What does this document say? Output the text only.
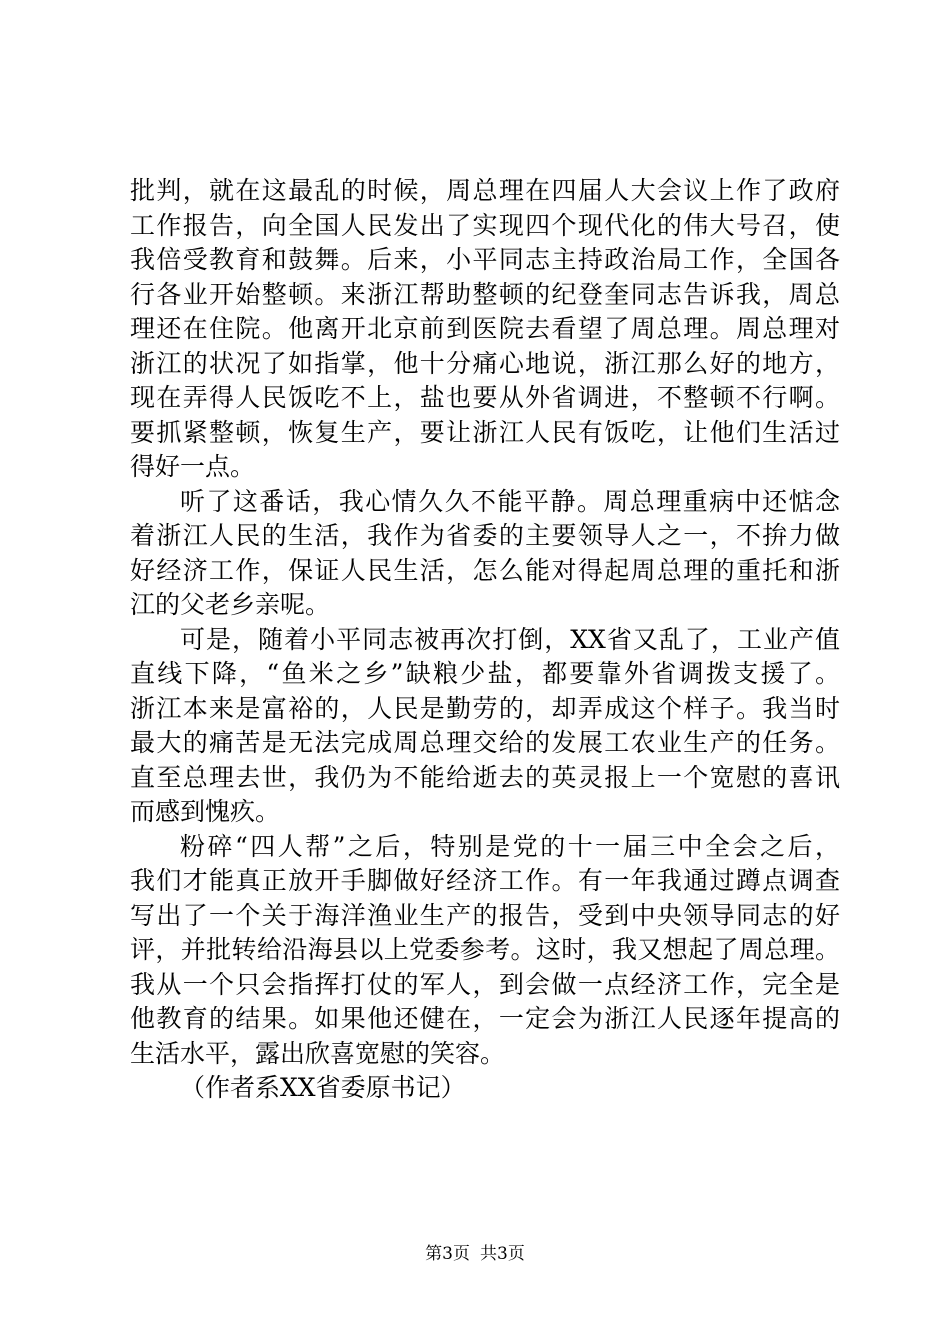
批判，就在这最乱的时候，周总理在四届人大会议上作了政府
工作报告，向全国人民发出了实现四个现代化的伟大号召，使
我倍受教育和鼓舞。后来，小平同志主持政治局工作，全国各
行各业开始整顿。来浙江帮助整顿的纪登奎同志告诉我，周总
理还在住院。他离开北京前到医院去看望了周总理。周总理对
浙江的状况了如指掌，他十分痛心地说，浙江那么好的地方，
现在弄得人民饭吃不上，盐也要从外省调进，不整顿不行啊。
要抓紧整顿，恢复生产，要让浙江人民有饭吃，让他们生活过
得好一点。
听了这番话，我心情久久不能平静。周总理重病中还惦念
着浙江人民的生活，我作为省委的主要领导人之一，不拚力做
好经济工作，保证人民生活，怎么能对得起周总理的重托和浙
江的父老乡亲呢。
可是，随着小平同志被再次打倒，XX省又乱了，工业产值
直线下降，“鱼米之乡”缺粮少盐，都要靠外省调拨支援了。
浙江本来是富裕的，人民是勤劳的，却弄成这个样子。我当时
最大的痛苦是无法完成周总理交给的发展工农业生产的任务。
直至总理去世，我仍为不能给逝去的英灵报上一个宽慰的喜讯
而感到愧疚。
粉碎“四人帮”之后，特别是党的十一届三中全会之后，
我们才能真正放开手脚做好经济工作。有一年我通过蹲点调查
写出了一个关于海洋渔业生产的报告，受到中央领导同志的好
评，并批转给沿海县以上党委参考。这时，我又想起了周总理。
我从一个只会指挥打仗的军人，到会做一点经济工作，完全是
他教育的结果。如果他还健在，一定会为浙江人民逐年提高的
生活水平，露出欣喜宽慰的笑容。
（作者系XX省委原书记）
第3页 共3页
